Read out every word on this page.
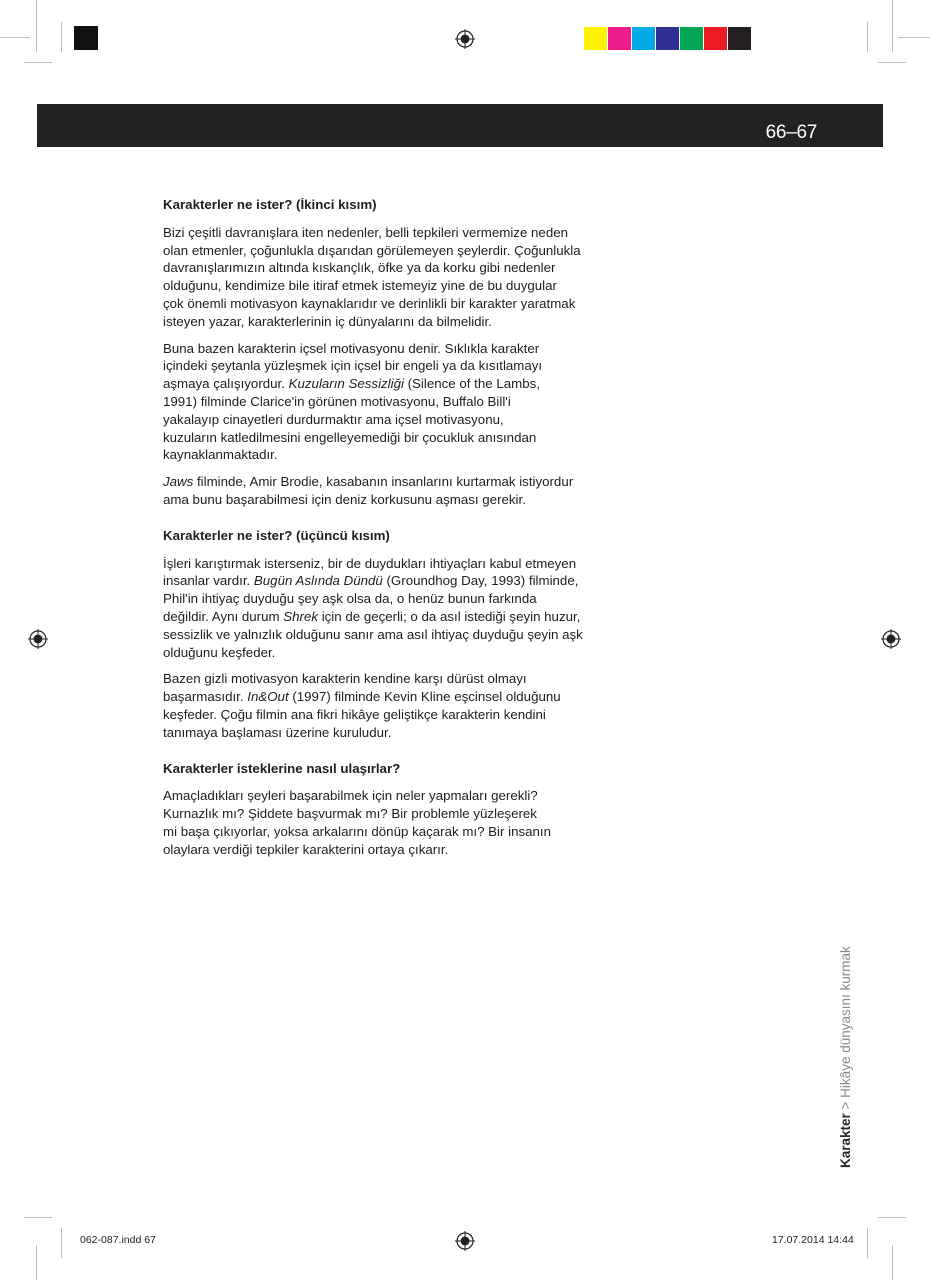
66–67
Karakterler ne ister? (İkinci kısım)

Bizi çeşitli davranışlara iten nedenler, belli tepkileri vermemize neden
olan etmenler, çoğunlukla dışarıdan görülemeyen şeylerdir. Çoğunlukla
davranışlarımızın altında kıskançlık, öfke ya da korku gibi nedenler
olduğunu, kendimize bile itiraf etmek istemeyiz yine de bu duygular
çok önemli motivasyon kaynaklarıdır ve derinlikli bir karakter yaratmak
isteyen yazar, karakterlerinin iç dünyalarını da bilmelidir.

Buna bazen karakterin içsel motivasyonu denir. Sıklıkla karakter
içindeki şeytanla yüzleşmek için içsel bir engeli ya da kısıtlamayı
aşmaya çalışıyordur. Kuzuların Sessizliği (Silence of the Lambs,
1991) filminde Clarice'in görünen motivasyonu, Buffalo Bill'i
yakalayıp cinayetleri durdurmaktır ama içsel motivasyonu,
kuzuların katledilmesini engelleyemediği bir çocukluk anısından
kaynaklanmaktadır.

Jaws filminde, Amir Brodie, kasabanın insanlarını kurtarmak istiyordur
ama bunu başarabilmesi için deniz korkusunu aşması gerekir.

Karakterler ne ister? (üçüncü kısım)

İşleri karıştırmak isterseniz, bir de duydukları ihtiyaçları kabul etmeyen
insanlar vardır. Bugün Aslında Dündü (Groundhog Day, 1993) filminde,
Phil'in ihtiyaç duyduğu şey aşk olsa da, o henüz bunun farkında
değildir. Aynı durum Shrek için de geçerli; o da asıl istediği şeyin huzur,
sessizlik ve yalnızlık olduğunu sanır ama asıl ihtiyaç duyduğu şeyin aşk
olduğunu keşfeder.

Bazen gizli motivasyon karakterin kendine karşı dürüst olmayı
başarmasıdır. In&Out (1997) filminde Kevin Kline eşcinsel olduğunu
keşfeder. Çoğu filmin ana fikri hikâye geliştikçe karakterin kendini
tanımaya başlaması üzerine kuruludur.

Karakterler isteklerine nasıl ulaşırlar?

Amaçladıkları şeyleri başarabilmek için neler yapmaları gerekli?
Kurnazlık mı? Şiddete başvurmak mı? Bir problemle yüzleşerek
mi başa çıkıyorlar, yoksa arkalarını dönüp kaçarak mı? Bir insanın
olaylara verdiği tepkiler karakterini ortaya çıkarır.

Karakter > Hikâye dünyasını kurmak
062-087.indd 67	17.07.2014 14:44
